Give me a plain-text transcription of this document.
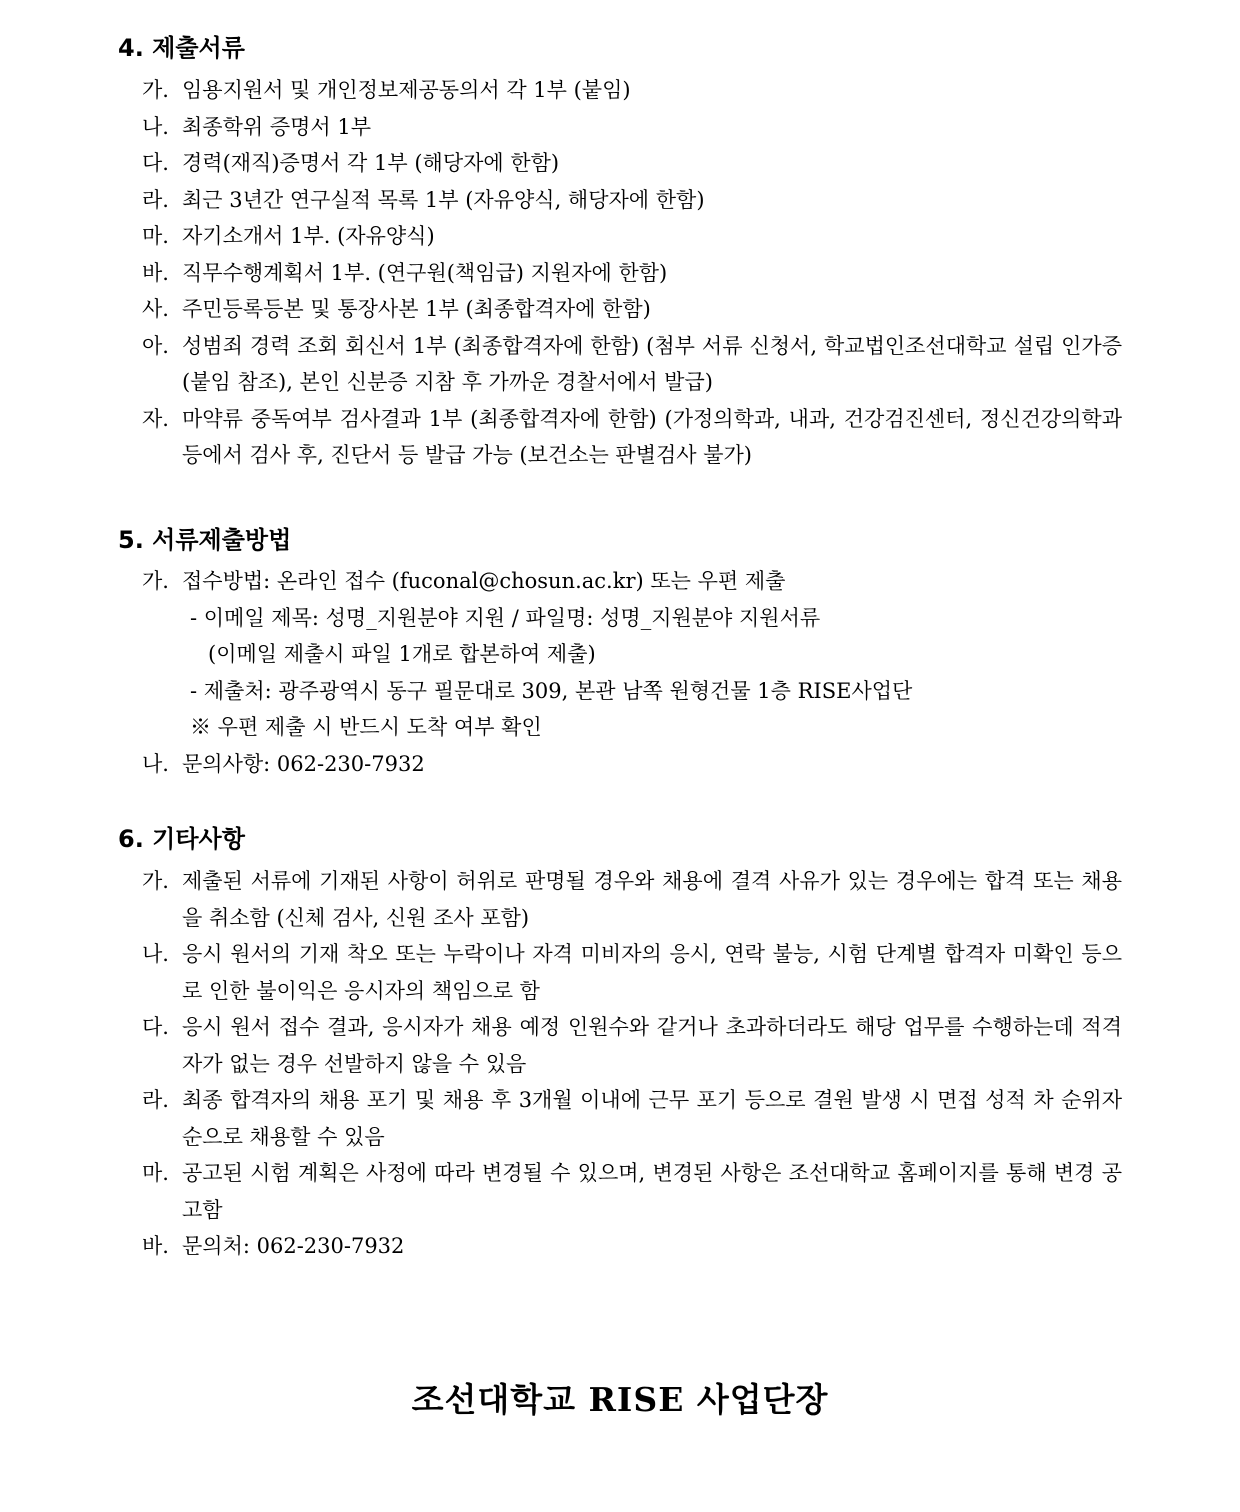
4. 제출서류
가. 임용지원서 및 개인정보제공동의서 각 1부 (붙임)
나. 최종학위 증명서 1부
다. 경력(재직)증명서 각 1부 (해당자에 한함)
라. 최근 3년간 연구실적 목록 1부 (자유양식, 해당자에 한함)
마. 자기소개서 1부. (자유양식)
바. 직무수행계획서 1부. (연구원(책임급) 지원자에 한함)
사. 주민등록등본 및 통장사본 1부 (최종합격자에 한함)
아. 성범죄 경력 조회 회신서 1부 (최종합격자에 한함) (첨부 서류 신청서, 학교법인조선대학교 설립 인가증(붙임 참조), 본인 신분증 지참 후 가까운 경찰서에서 발급)
자. 마약류 중독여부 검사결과 1부 (최종합격자에 한함) (가정의학과, 내과, 건강검진센터, 정신건강의학과 등에서 검사 후, 진단서 등 발급 가능 (보건소는 판별검사 불가)
5. 서류제출방법
가. 접수방법: 온라인 접수 (fuconal@chosun.ac.kr) 또는 우편 제출
- 이메일 제목: 성명_지원분야 지원 / 파일명: 성명_지원분야 지원서류
(이메일 제출시 파일 1개로 합본하여 제출)
- 제출처: 광주광역시 동구 필문대로 309, 본관 남쪽 원형건물 1층 RISE사업단
※ 우편 제출 시 반드시 도착 여부 확인
나. 문의사항: 062-230-7932
6. 기타사항
가. 제출된 서류에 기재된 사항이 허위로 판명될 경우와 채용에 결격 사유가 있는 경우에는 합격 또는 채용을 취소함 (신체 검사, 신원 조사 포함)
나. 응시 원서의 기재 착오 또는 누락이나 자격 미비자의 응시, 연락 불능, 시험 단계별 합격자 미확인 등으로 인한 불이익은 응시자의 책임으로 함
다. 응시 원서 접수 결과, 응시자가 채용 예정 인원수와 같거나 초과하더라도 해당 업무를 수행하는데 적격자가 없는 경우 선발하지 않을 수 있음
라. 최종 합격자의 채용 포기 및 채용 후 3개월 이내에 근무 포기 등으로 결원 발생 시 면접 성적 차 순위자 순으로 채용할 수 있음
마. 공고된 시험 계획은 사정에 따라 변경될 수 있으며, 변경된 사항은 조선대학교 홈페이지를 통해 변경 공고함
바. 문의처: 062-230-7932
조선대학교 RISE 사업단장
